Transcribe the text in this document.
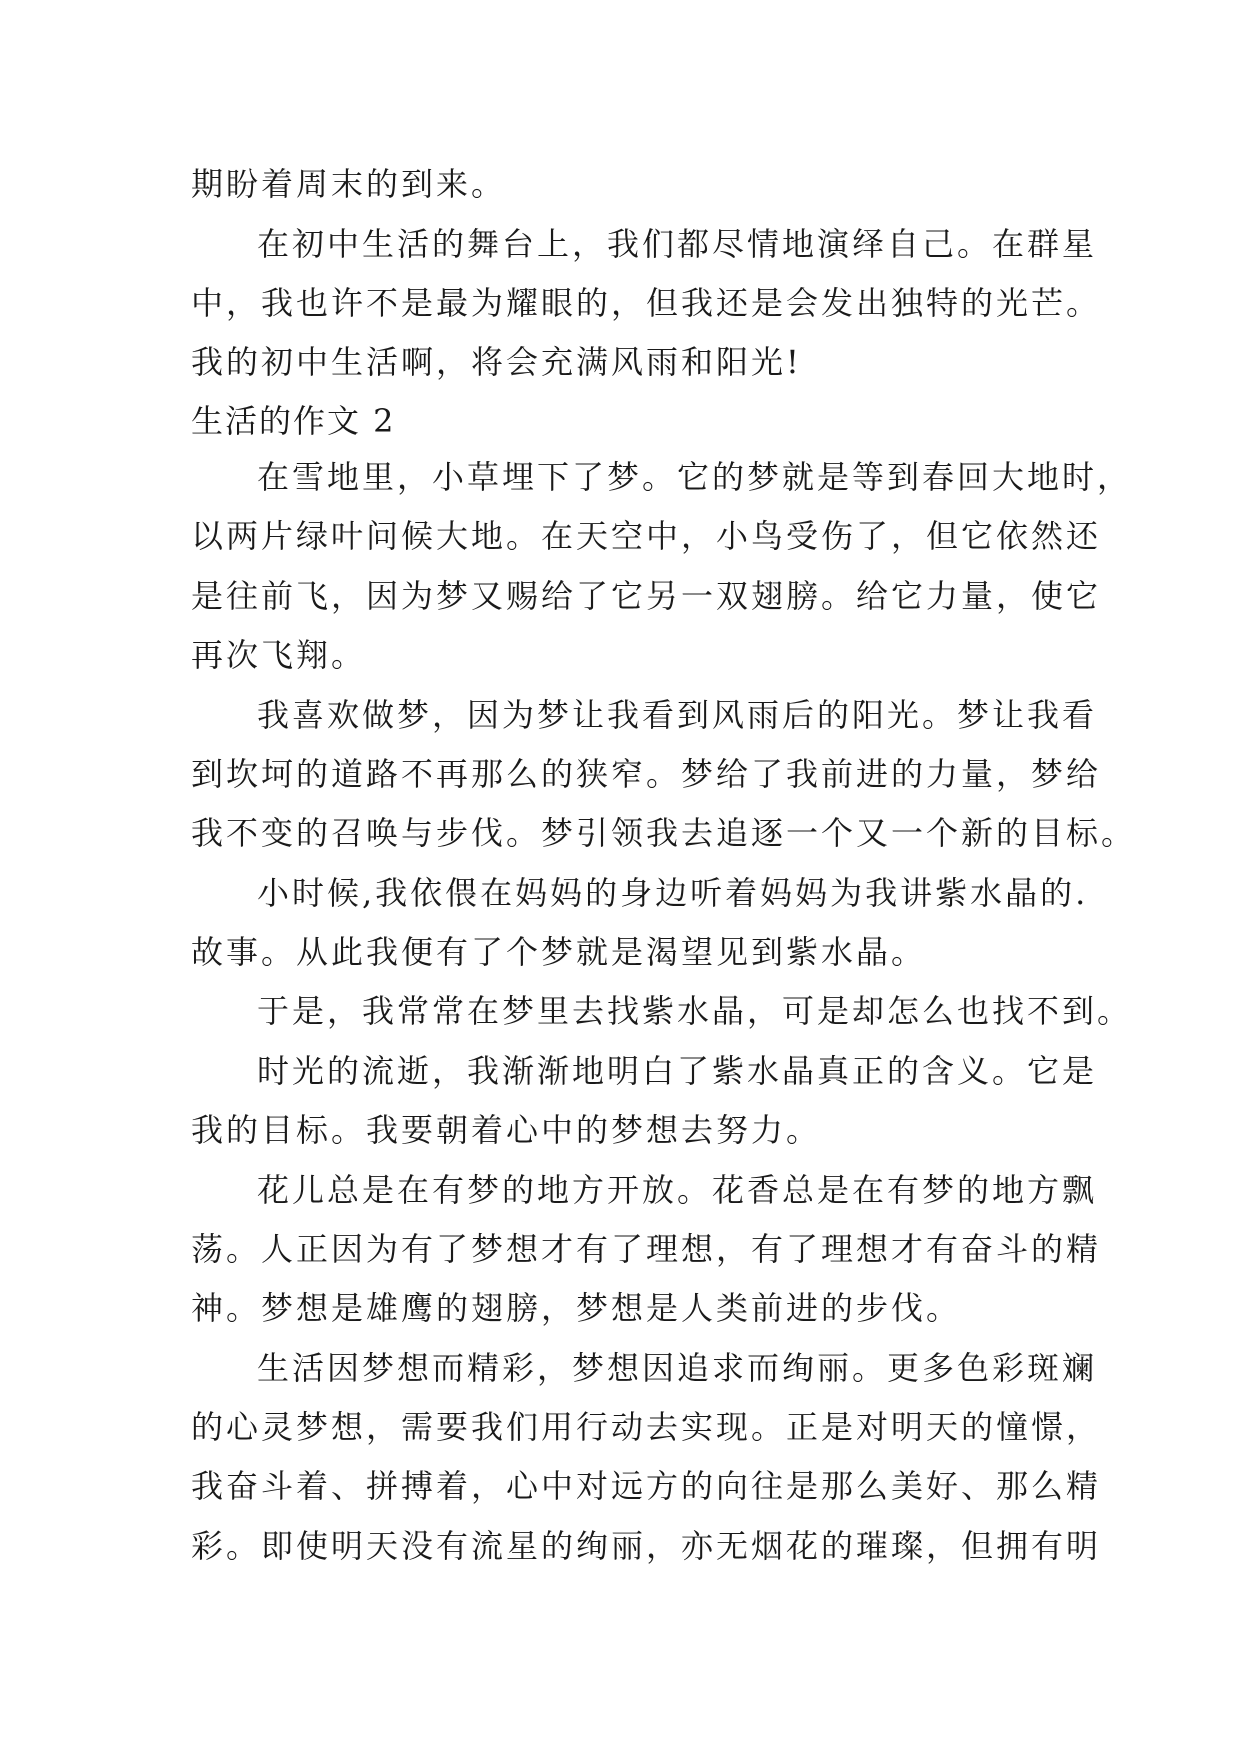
期盼着周末的到来。
在初中生活的舞台上，我们都尽情地演绎自己。在群星
中，我也许不是最为耀眼的，但我还是会发出独特的光芒。
我的初中生活啊，将会充满风雨和阳光!
生活的作文 2
在雪地里，小草埋下了梦。它的梦就是等到春回大地时，
以两片绿叶问候大地。在天空中，小鸟受伤了，但它依然还
是往前飞，因为梦又赐给了它另一双翅膀。给它力量，使它
再次飞翔。
我喜欢做梦，因为梦让我看到风雨后的阳光。梦让我看
到坎坷的道路不再那么的狭窄。梦给了我前进的力量，梦给
我不变的召唤与步伐。梦引领我去追逐一个又一个新的目标。
小时候,我依偎在妈妈的身边听着妈妈为我讲紫水晶的.
故事。从此我便有了个梦就是渴望见到紫水晶。
于是，我常常在梦里去找紫水晶，可是却怎么也找不到。
时光的流逝，我渐渐地明白了紫水晶真正的含义。它是
我的目标。我要朝着心中的梦想去努力。
花儿总是在有梦的地方开放。花香总是在有梦的地方飘
荡。人正因为有了梦想才有了理想，有了理想才有奋斗的精
神。梦想是雄鹰的翅膀，梦想是人类前进的步伐。
生活因梦想而精彩，梦想因追求而绚丽。更多色彩斑斓
的心灵梦想，需要我们用行动去实现。正是对明天的憧憬，
我奋斗着、拼搏着，心中对远方的向往是那么美好、那么精
彩。即使明天没有流星的绚丽，亦无烟花的璀璨，但拥有明
